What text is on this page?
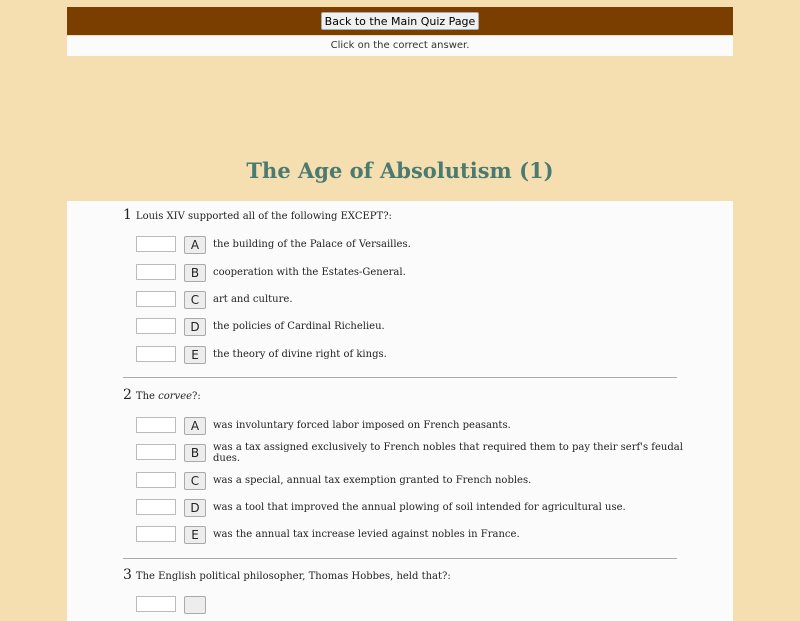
Back to the Main Quiz Page
Click on the correct answer.
The Age of Absolutism (1)
1 Louis XIV supported all of the following EXCEPT?:
A	the building of the Palace of Versailles.
B	cooperation with the Estates-General.
C	art and culture.
D	the policies of Cardinal Richelieu.
E	the theory of divine right of kings.
2 The corvee?:
A	was involuntary forced labor imposed on French peasants.
B	was a tax assigned exclusively to French nobles that required them to pay their serf's feudal dues.
C	was a special, annual tax exemption granted to French nobles.
D	was a tool that improved the annual plowing of soil intended for agricultural use.
E	was the annual tax increase levied against nobles in France.
3 The English political philosopher, Thomas Hobbes, held that?:
